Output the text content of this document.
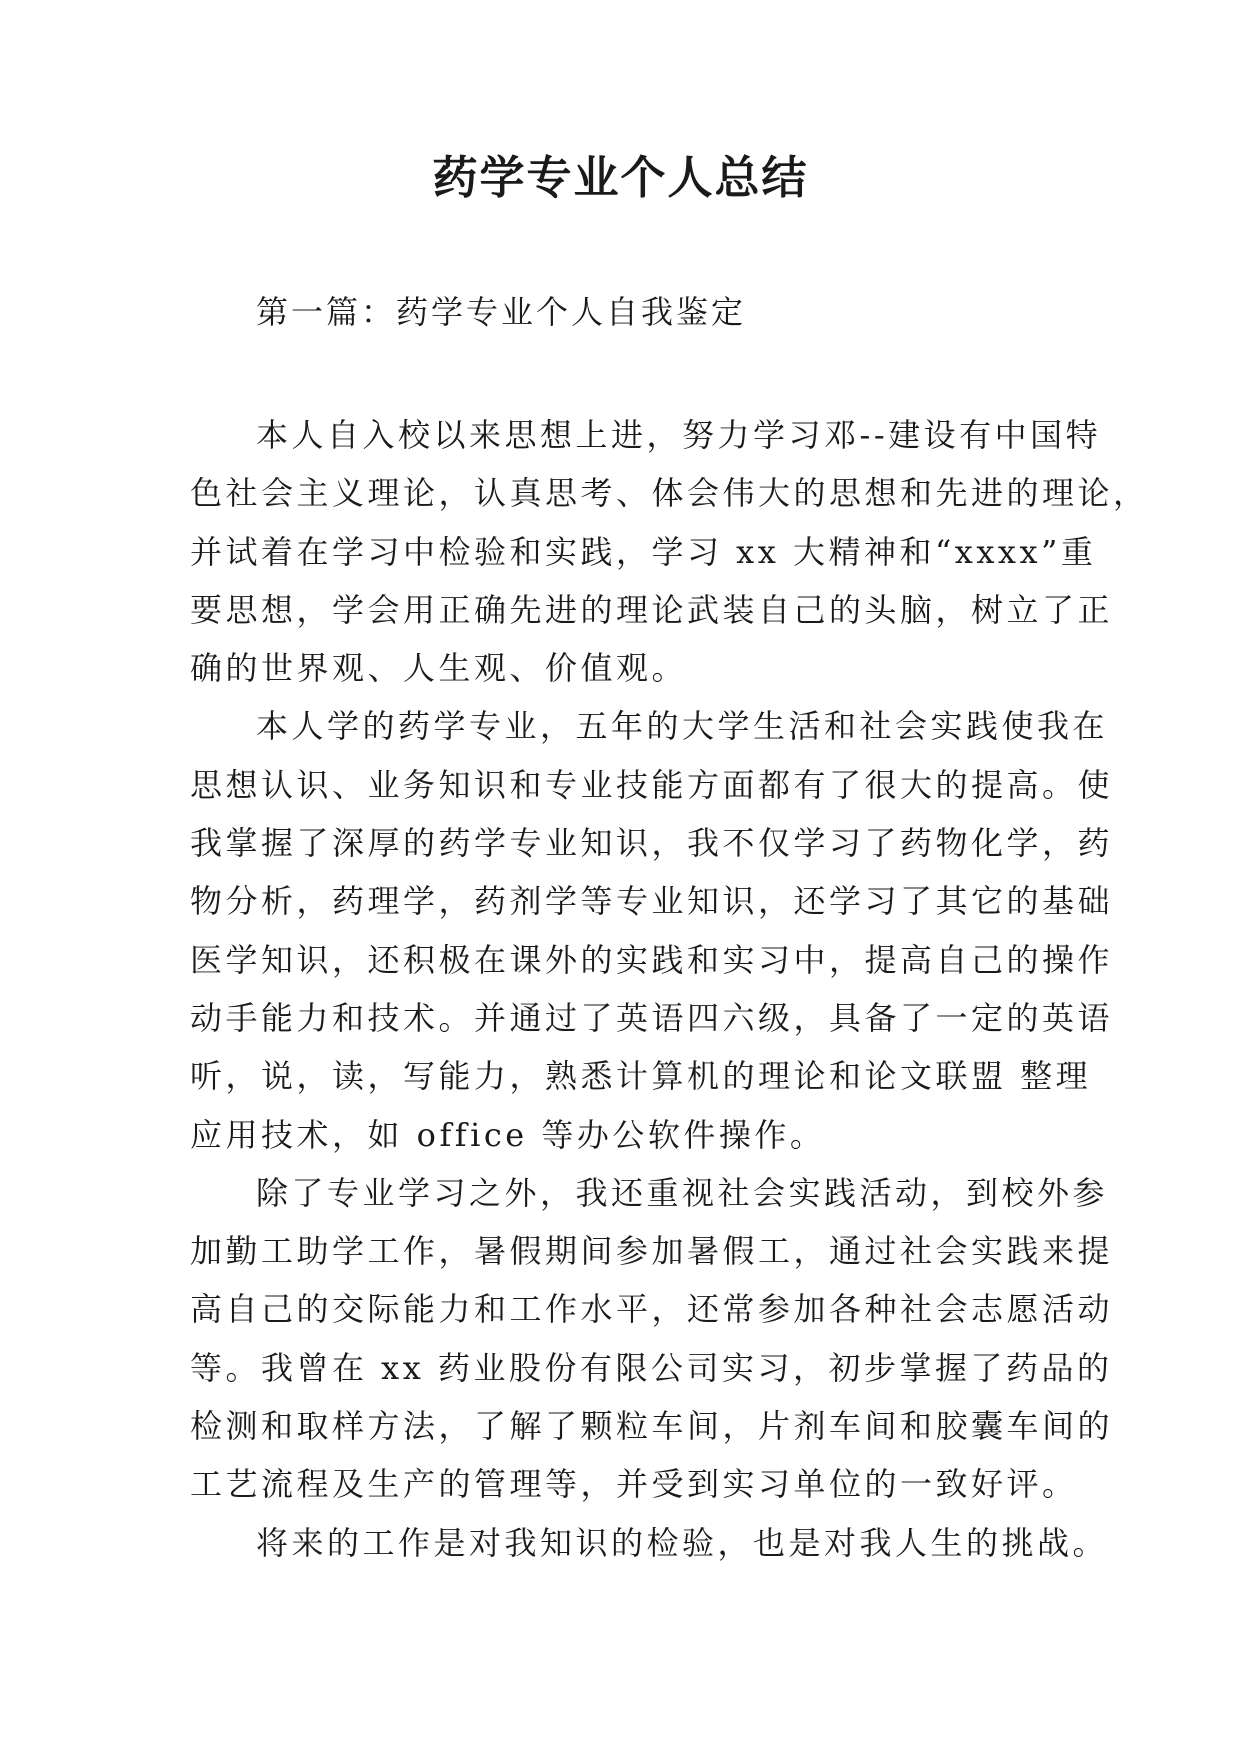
药学专业个人总结

第一篇：药学专业个人自我鉴定

本人自入校以来思想上进，努力学习邓--建设有中国特
色社会主义理论，认真思考、体会伟大的思想和先进的理论，
并试着在学习中检验和实践，学习 xx 大精神和“xxxx”重
要思想，学会用正确先进的理论武装自己的头脑，树立了正
确的世界观、人生观、价值观。

本人学的药学专业，五年的大学生活和社会实践使我在
思想认识、业务知识和专业技能方面都有了很大的提高。使
我掌握了深厚的药学专业知识，我不仅学习了药物化学，药
物分析，药理学，药剂学等专业知识，还学习了其它的基础
医学知识，还积极在课外的实践和实习中，提高自己的操作
动手能力和技术。并通过了英语四六级，具备了一定的英语
听，说，读，写能力，熟悉计算机的理论和论文联盟 整理
应用技术，如 office 等办公软件操作。

除了专业学习之外，我还重视社会实践活动，到校外参
加勤工助学工作，暑假期间参加暑假工，通过社会实践来提
高自己的交际能力和工作水平，还常参加各种社会志愿活动
等。我曾在 xx 药业股份有限公司实习，初步掌握了药品的
检测和取样方法，了解了颗粒车间，片剂车间和胶囊车间的
工艺流程及生产的管理等，并受到实习单位的一致好评。

将来的工作是对我知识的检验，也是对我人生的挑战。
